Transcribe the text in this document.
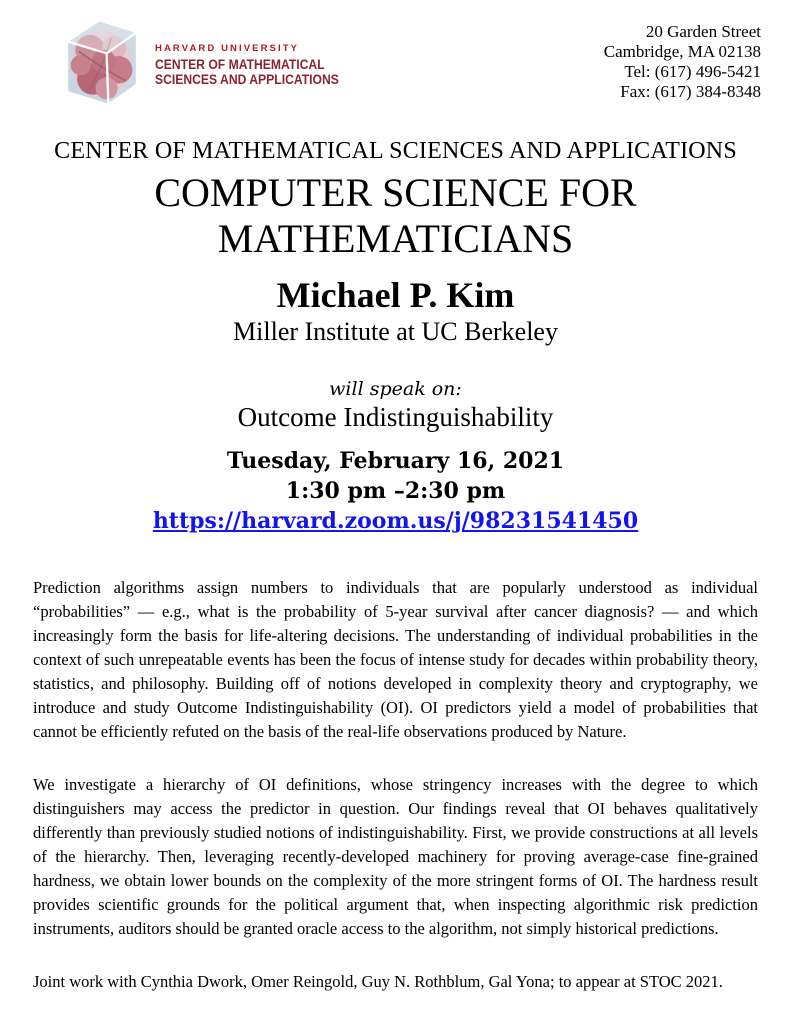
HARVARD UNIVERSITY
CENTER OF MATHEMATICAL
SCIENCES AND APPLICATIONS
20 Garden Street
Cambridge, MA 02138
Tel: (617) 496-5421
Fax: (617) 384-8348
CENTER OF MATHEMATICAL SCIENCES AND APPLICATIONS
COMPUTER SCIENCE FOR
MATHEMATICIANS
Michael P. Kim
Miller Institute at UC Berkeley
will speak on:
Outcome Indistinguishability
Tuesday, February 16, 2021
1:30 pm –2:30 pm
https://harvard.zoom.us/j/98231541450

Prediction algorithms assign numbers to individuals that are popularly understood as individual “probabilities” — e.g., what is the probability of 5-year survival after cancer diagnosis? — and which increasingly form the basis for life-altering decisions. The understanding of individual probabilities in the context of such unrepeatable events has been the focus of intense study for decades within probability theory, statistics, and philosophy. Building off of notions developed in complexity theory and cryptography, we introduce and study Outcome Indistinguishability (OI). OI predictors yield a model of probabilities that cannot be efficiently refuted on the basis of the real-life observations produced by Nature.

We investigate a hierarchy of OI definitions, whose stringency increases with the degree to which distinguishers may access the predictor in question. Our findings reveal that OI behaves qualitatively differently than previously studied notions of indistinguishability. First, we provide constructions at all levels of the hierarchy. Then, leveraging recently-developed machinery for proving average-case fine-grained hardness, we obtain lower bounds on the complexity of the more stringent forms of OI. The hardness result provides scientific grounds for the political argument that, when inspecting algorithmic risk prediction instruments, auditors should be granted oracle access to the algorithm, not simply historical predictions.

Joint work with Cynthia Dwork, Omer Reingold, Guy N. Rothblum, Gal Yona; to appear at STOC 2021.
